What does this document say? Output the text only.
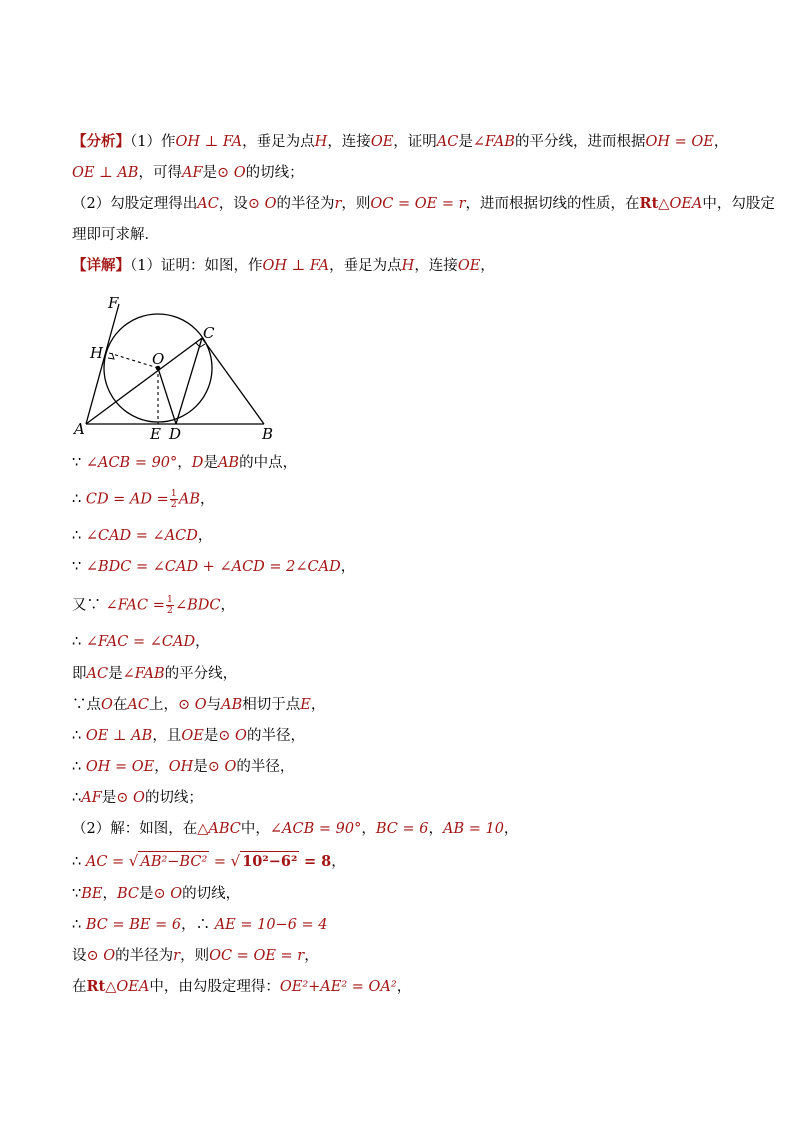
【分析】（1）作OH ⊥ FA，垂足为点H，连接OE，证明AC是∠FAB的平分线，进而根据OH = OE，

OE ⊥ AB，可得AF是⊙ O的切线；

（2）勾股定理得出AC，设⊙ O的半径为r，则OC = OE = r，进而根据切线的性质，在Rt△OEA中，勾股定

理即可求解．

【详解】（1）证明：如图，作OH ⊥ FA，垂足为点H，连接OE，

∵ ∠ACB = 90°，D是AB的中点，

∴ CD = AD = $\frac{1}{2}$ AB，

∴ ∠CAD = ∠ACD，

∵ ∠BDC = ∠CAD + ∠ACD = 2∠CAD，

又∵ ∠FAC = $\frac{1}{2}$ ∠BDC，

∴ ∠FAC = ∠CAD，

即AC是∠FAB的平分线，

∵点O在AC上，⊙ O与AB相切于点E，

∴ OE ⊥ AB，且OE是⊙ O的半径，

∴ OH = OE，OH是⊙ O的半径，

∴AF是⊙ O的切线；

（2）解：如图，在△ABC中，∠ACB = 90°，BC = 6，AB = 10，

∴ AC = √ AB²−BC² = √ 10²−6² = 8，

∵BE，BC是⊙ O的切线，

∴ BC = BE = 6，∴ AE = 10−6 = 4

设⊙ O的半径为r，则OC = OE = r，

在Rt△OEA中，由勾股定理得：OE²+AE² = OA²，

F
C
H	O
A	E D	B
